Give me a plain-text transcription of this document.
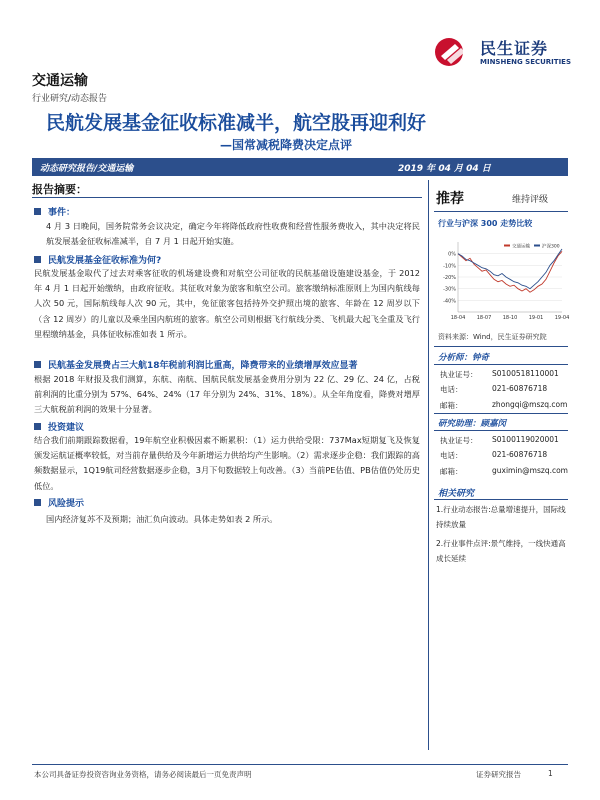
交通运输
行业研究/动态报告
民生证券
MINSHENG SECURITIES
民航发展基金征收标准减半，航空股再迎利好
—国常减税降费决定点评
动态研究报告/交通运输	2019 年 04 月 04 日
报告摘要：
事件：
4 月 3 日晚间，国务院常务会议决定，确定今年将降低政府性收费和经营性服务费收入，其中决定将民航发展基金征收标准减半，自 7 月 1 日起开始实施。
民航发展基金征收标准为何?
民航发展基金取代了过去对乘客征收的机场建设费和对航空公司征收的民航基础设施建设基金，于 2012 年 4 月 1 日起开始缴纳，由政府征收。其征收对象为旅客和航空公司。旅客缴纳标准原则上为国内航线每人次 50 元，国际航线每人次 90 元，其中，免征旅客包括持外交护照出境的旅客、年龄在 12 周岁以下（含 12 周岁）的儿童以及乘坐国内航班的旅客。航空公司则根据飞行航线分类、飞机最大起飞全重及飞行里程缴纳基金，具体征收标准如表 1 所示。
民航基金发展费占三大航18年税前利润比重高，降费带来的业绩增厚效应显著
根据 2018 年财报及我们测算，东航、南航、国航民航发展基金费用分别为 22 亿、29 亿、24 亿，占税前利润的比重分别为 57%、64%、24%（17 年分别为 24%、31%、18%）。从全年角度看，降费对增厚三大航税前利润的效果十分显著。
投资建议
结合我们前期跟踪数据看，19年航空业积极因素不断累积：（1）运力供给受限：737Max短期复飞及恢复颁发运航证概率较低，对当前存量供给及今年新增运力供给均产生影响。（2）需求逐步企稳：我们跟踪的高频数据显示，1Q19航司经营数据逐步企稳，3月下旬数据较上旬改善。（3）当前PE估值、PB估值仍处历史低位。
风险提示
国内经济复苏不及预期；油汇负向波动。具体走势如表 2 所示。
推荐	维持评级
行业与沪深 300 走势比较
0%
-10%
-20%
-30%
-40%
18-04 18-07 18-10 19-01 19-04
交通运输	沪深300
资料来源：Wind，民生证券研究院
分析师：钟奇
执业证号： S0100518110001
电话：	021-60876718
邮箱：	zhongqi@mszq.com
研究助理：顾嘉闵
执业证号： S0100119020001
电话：	021-60876718
邮箱：	guximin@mszq.com
相关研究
1.行业动态报告:总量增速提升，国际线持续放量
2.行业事件点评:景气维持，一线快通高成长延续
本公司具备证券投资咨询业务资格，请务必阅读最后一页免责声明	证券研究报告	1
